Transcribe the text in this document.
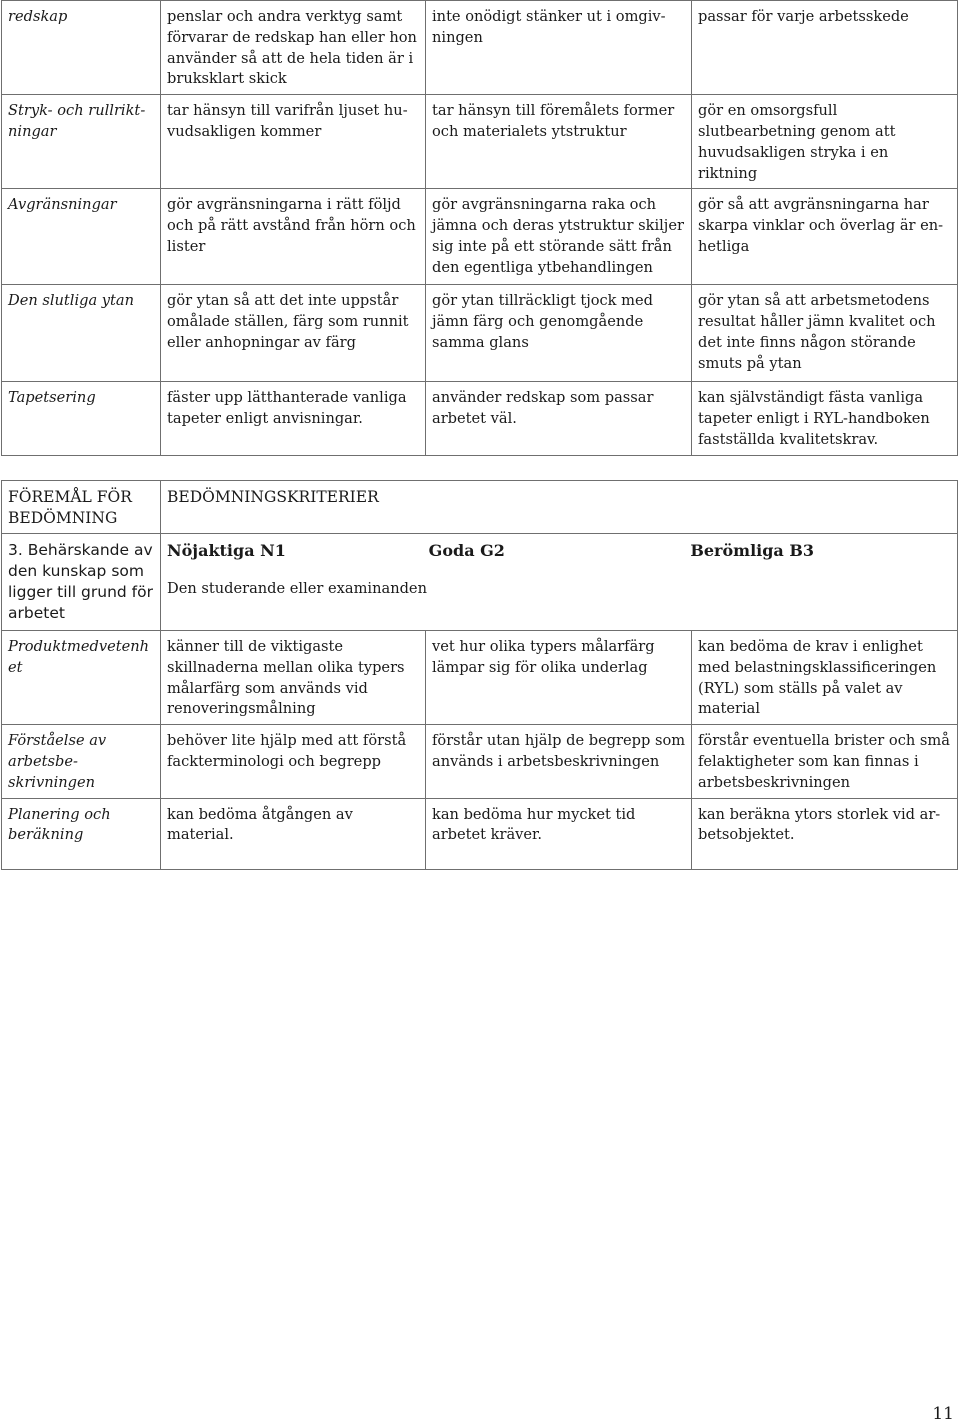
redskap	penslar och andra verktyg samt förvarar de redskap han eller hon använder så att de hela tiden är i bruksklart skick	inte onödigt stänker ut i omgivningen	passar för varje arbetsskede
Stryk- och rullriktningar	tar hänsyn till varifrån ljuset huvudsakligen kommer	tar hänsyn till föremålets former och materialets ytstruktur	gör en omsorgsfull slutbearbetning genom att huvudsakligen stryka i en riktning
Avgränsningar	gör avgränsningarna i rätt följd och på rätt avstånd från hörn och lister	gör avgränsningarna raka och jämna och deras ytstruktur skiljer sig inte på ett störande sätt från den egentliga ytbehandlingen	gör så att avgränsningarna har skarpa vinklar och överlag är enhetliga
Den slutliga ytan	gör ytan så att det inte uppstår omålade ställen, färg som runnit eller anhopningar av färg	gör ytan tillräckligt tjock med jämn färg och genomgående samma glans	gör ytan så att arbetsmetodens resultat håller jämn kvalitet och det inte finns någon störande smuts på ytan
Tapetsering	fäster upp lätthanterade vanliga tapeter enligt anvisningar.	använder redskap som passar arbetet väl.	kan självständigt fästa vanliga tapeter enligt i RYL-handboken fastställda kvalitetskrav.
FÖREMÅL FÖR BEDÖMNING	BEDÖMNINGSKRITERIER		
3. Behärskande av den kunskap som ligger till grund för arbetet	Nöjaktiga N1 Goda G2 Berömliga B3
Den studerande eller examinanden		

Produktmedvetenhet	känner till de viktigaste skillnaderna mellan olika typers målarfärg som används vid renoveringsmålning	vet hur olika typers målarfärg lämpar sig för olika underlag	kan bedöma de krav i enlighet med belastningsklassificeringen (RYL) som ställs på valet av material
Förståelse av arbetsbeskrivningen	behöver lite hjälp med att förstå fackterminologi och begrepp	förstår utan hjälp de begrepp som används i arbetsbeskrivningen	förstår eventuella brister och små felaktigheter som kan finnas i arbetsbeskrivningen
Planering och beräkning	kan bedöma åtgången av material.	kan bedöma hur mycket tid arbetet kräver.	kan beräkna ytors storlek vid arbetsobjektet.
11
